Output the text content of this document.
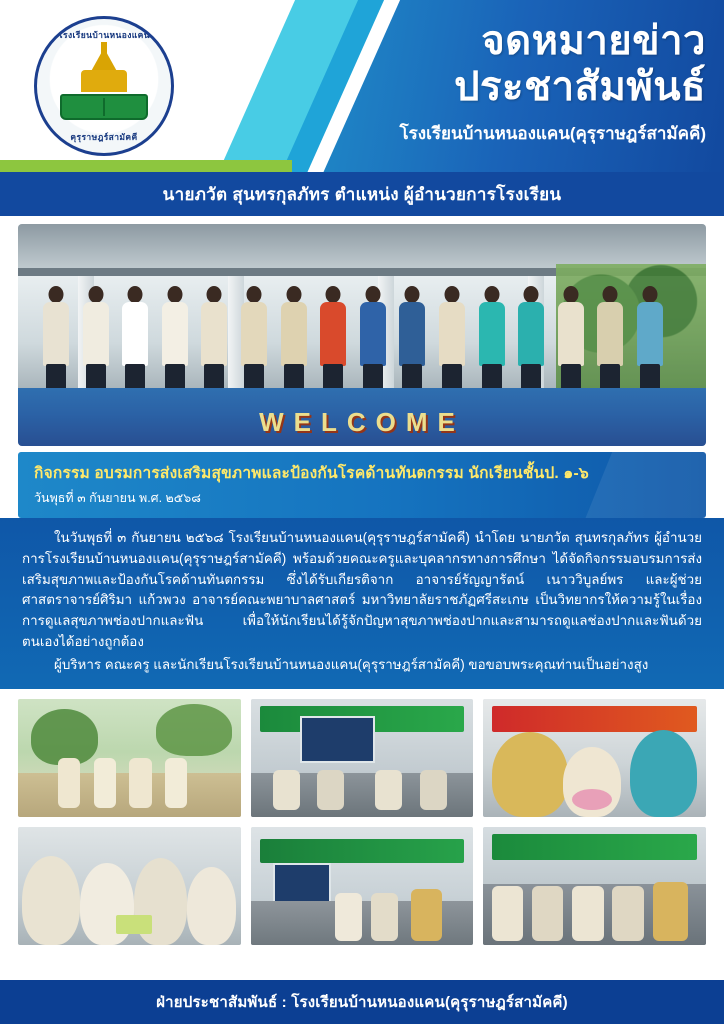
โรงเรียนบ้านหนองแคน
คุรุราษฎร์สามัคคี
จดหมายข่าว
ประชาสัมพันธ์
โรงเรียนบ้านหนองแคน(คุรุราษฎร์สามัคคี)
นายภวัต สุนทรกุลภัทร ตำแหน่ง ผู้อำนวยการโรงเรียน
WELCOME
กิจกรรม อบรมการส่งเสริมสุขภาพและป้องกันโรคด้านทันตกรรม นักเรียนชั้นป. ๑-๖
วันพุธที่ ๓ กันยายน พ.ศ. ๒๕๖๘

ในวันพุธที่ ๓ กันยายน ๒๕๖๘ โรงเรียนบ้านหนองแคน(คุรุราษฎร์สามัคคี) นำโดย นายภวัต สุนทรกุลภัทร ผู้อำนวยการโรงเรียนบ้านหนองแคน(คุรุราษฎร์สามัคคี) พร้อมด้วยคณะครูและบุคลากรทางการศึกษา ได้จัดกิจกรรมอบรมการส่งเสริมสุขภาพและป้องกันโรคด้านทันตกรรม ซึ่งได้รับเกียรติจาก อาจารย์รัญญารัตน์ เนาววิบูลย์พร และผู้ช่วยศาสตราจารย์ศิริมา แก้วพวง อาจารย์คณะพยาบาลศาสตร์ มหาวิทยาลัยราชภัฏศรีสะเกษ เป็นวิทยากรให้ความรู้ในเรื่องการดูแลสุขภาพช่องปากและฟัน เพื่อให้นักเรียนได้รู้จักปัญหาสุขภาพช่องปากและสามารถดูแลช่องปากและฟันด้วยตนเองได้อย่างถูกต้อง

ผู้บริหาร คณะครู และนักเรียนโรงเรียนบ้านหนองแคน(คุรุราษฎร์สามัคคี) ขอขอบพระคุณท่านเป็นอย่างสูง

ฝ่ายประชาสัมพันธ์ : โรงเรียนบ้านหนองแคน(คุรุราษฎร์สามัคคี)
